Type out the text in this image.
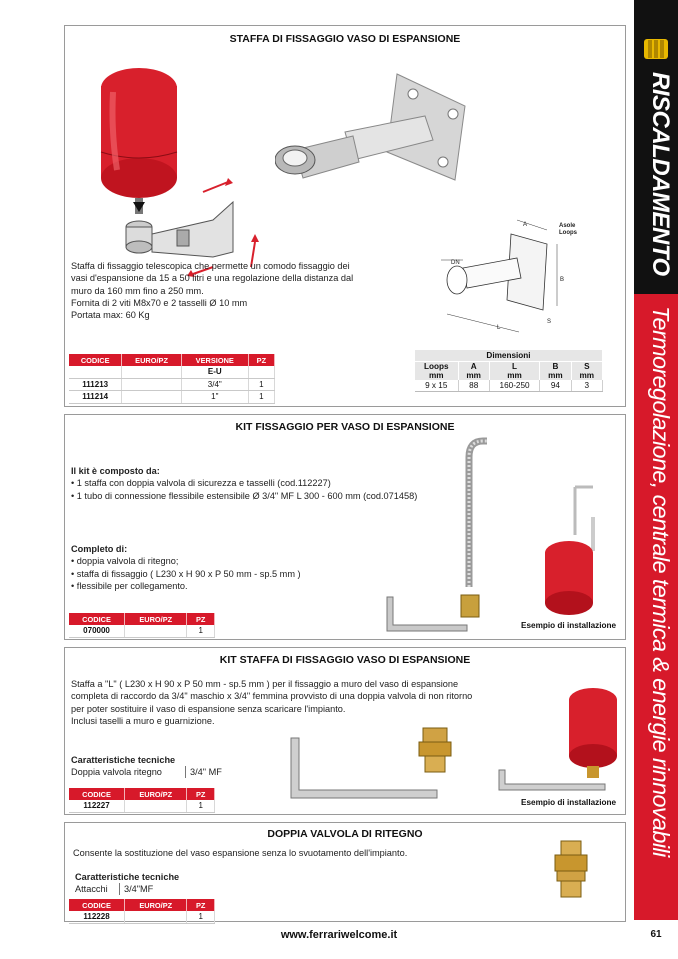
RISCALDAMENTO
Termoregolazione, centrale termica & energie rinnovabili
STAFFA DI FISSAGGIO VASO DI ESPANSIONE
A	Asole
Loops
DN
B
L
S
Staffa di fissaggio telescopica che permette un comodo fissaggio dei
vasi d'espansione da 15 a 50 litri e una regolazione della distanza dal
muro da 160 mm fino a 250 mm.
Fornita di 2 viti M8x70 e 2 tasselli Ø 10 mm
Portata max: 60 Kg
CODICE	EURO/PZ	VERSIONE	PZ
		E-U	
111213		3/4"	1
111214		1"	1
Dimensioni				
Loops	A	L	B	S
mm	mm	mm	mm	mm
9 x 15	88	160-250	94	3
KIT FISSAGGIO PER VASO DI ESPANSIONE
Il kit è composto da:
• 1 staffa con doppia valvola di sicurezza e tasselli (cod.112227)
• 1 tubo di connessione flessibile estensibile Ø 3/4" MF L 300 - 600 mm (cod.071458)
Completo di:
• doppia valvola di ritegno;
• staffa di fissaggio ( L230 x H 90 x P 50 mm - sp.5 mm )
• flessibile per collegamento.
Esempio di installazione
CODICE	EURO/PZ	PZ
070000		1
KIT STAFFA DI FISSAGGIO VASO DI ESPANSIONE
Staffa a "L" ( L230 x H 90 x P 50 mm - sp.5 mm ) per il fissaggio a muro del vaso di espansione
completa di raccordo da 3/4" maschio x 3/4" femmina provvisto di una doppia valvola di non ritorno
per poter sostituire il vaso di espansione senza scaricare l'impianto.
Inclusi taselli a muro e guarnizione.
Caratteristiche tecniche
Doppia valvola ritegno	3/4" MF
Esempio di installazione
CODICE	EURO/PZ	PZ
112227		1
DOPPIA VALVOLA DI RITEGNO
Consente la sostituzione del vaso espansione senza lo svuotamento dell'impianto.
Caratteristiche tecniche
Attacchi	3/4"MF
CODICE	EURO/PZ	PZ
112228		1
www.ferrariwelcome.it	61
